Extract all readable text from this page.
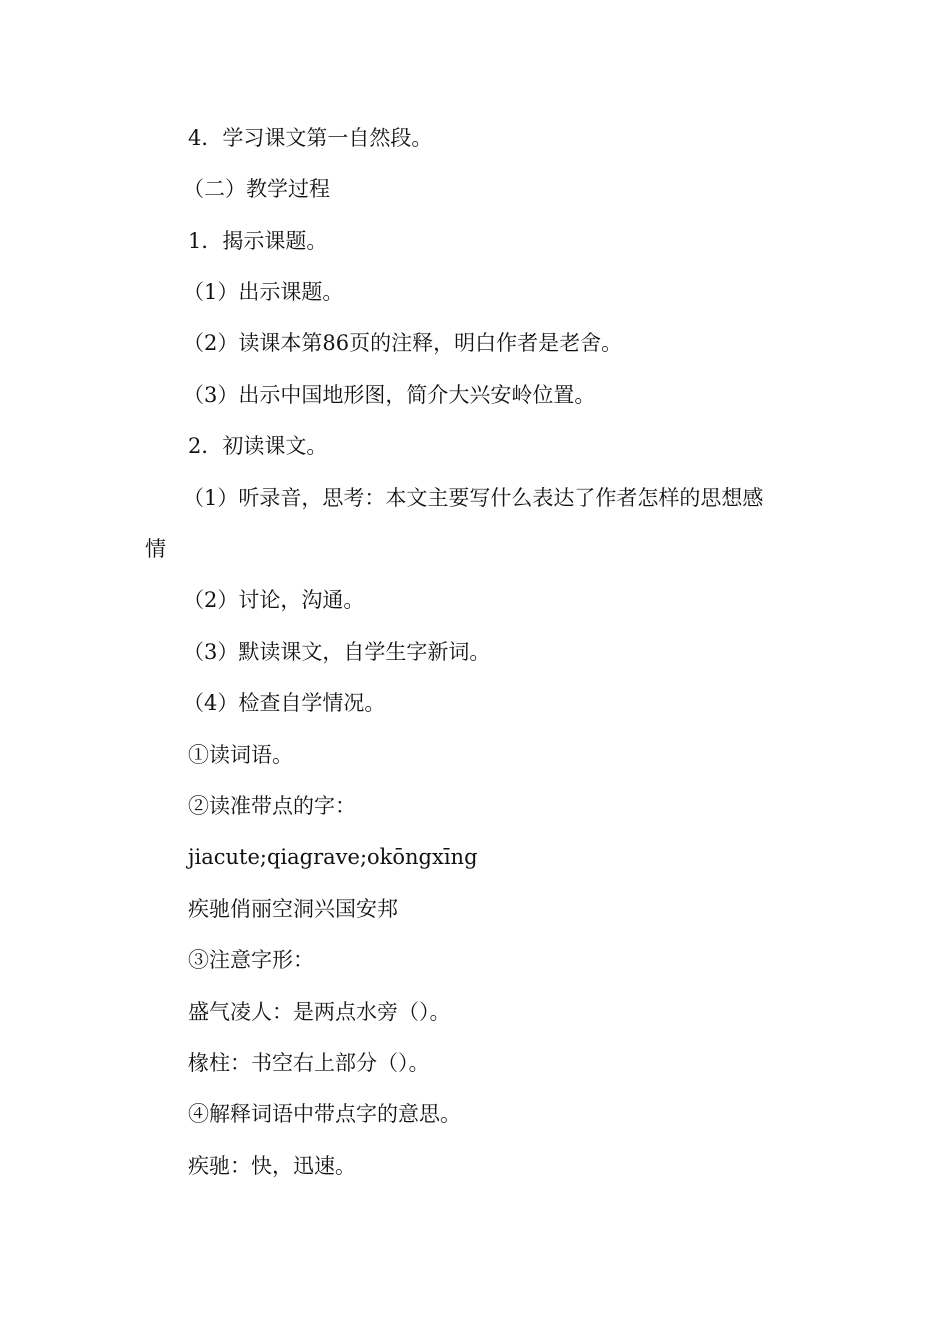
4．学习课文第一自然段。
（二）教学过程
1．揭示课题。
（1）出示课题。
（2）读课本第86页的注释，明白作者是老舍。
（3）出示中国地形图，简介大兴安岭位置。
2．初读课文。
（1）听录音，思考：本文主要写什么表达了作者怎样的思想感
情
（2）讨论，沟通。
（3）默读课文，自学生字新词。
（4）检查自学情况。
①读词语。
②读准带点的字：
jiacute;qiagrave;okōngxīng
疾驰俏丽空洞兴国安邦
③注意字形：
盛气凌人：是两点水旁（）。
椽柱：书空右上部分（）。
④解释词语中带点字的意思。
疾驰：快，迅速。
